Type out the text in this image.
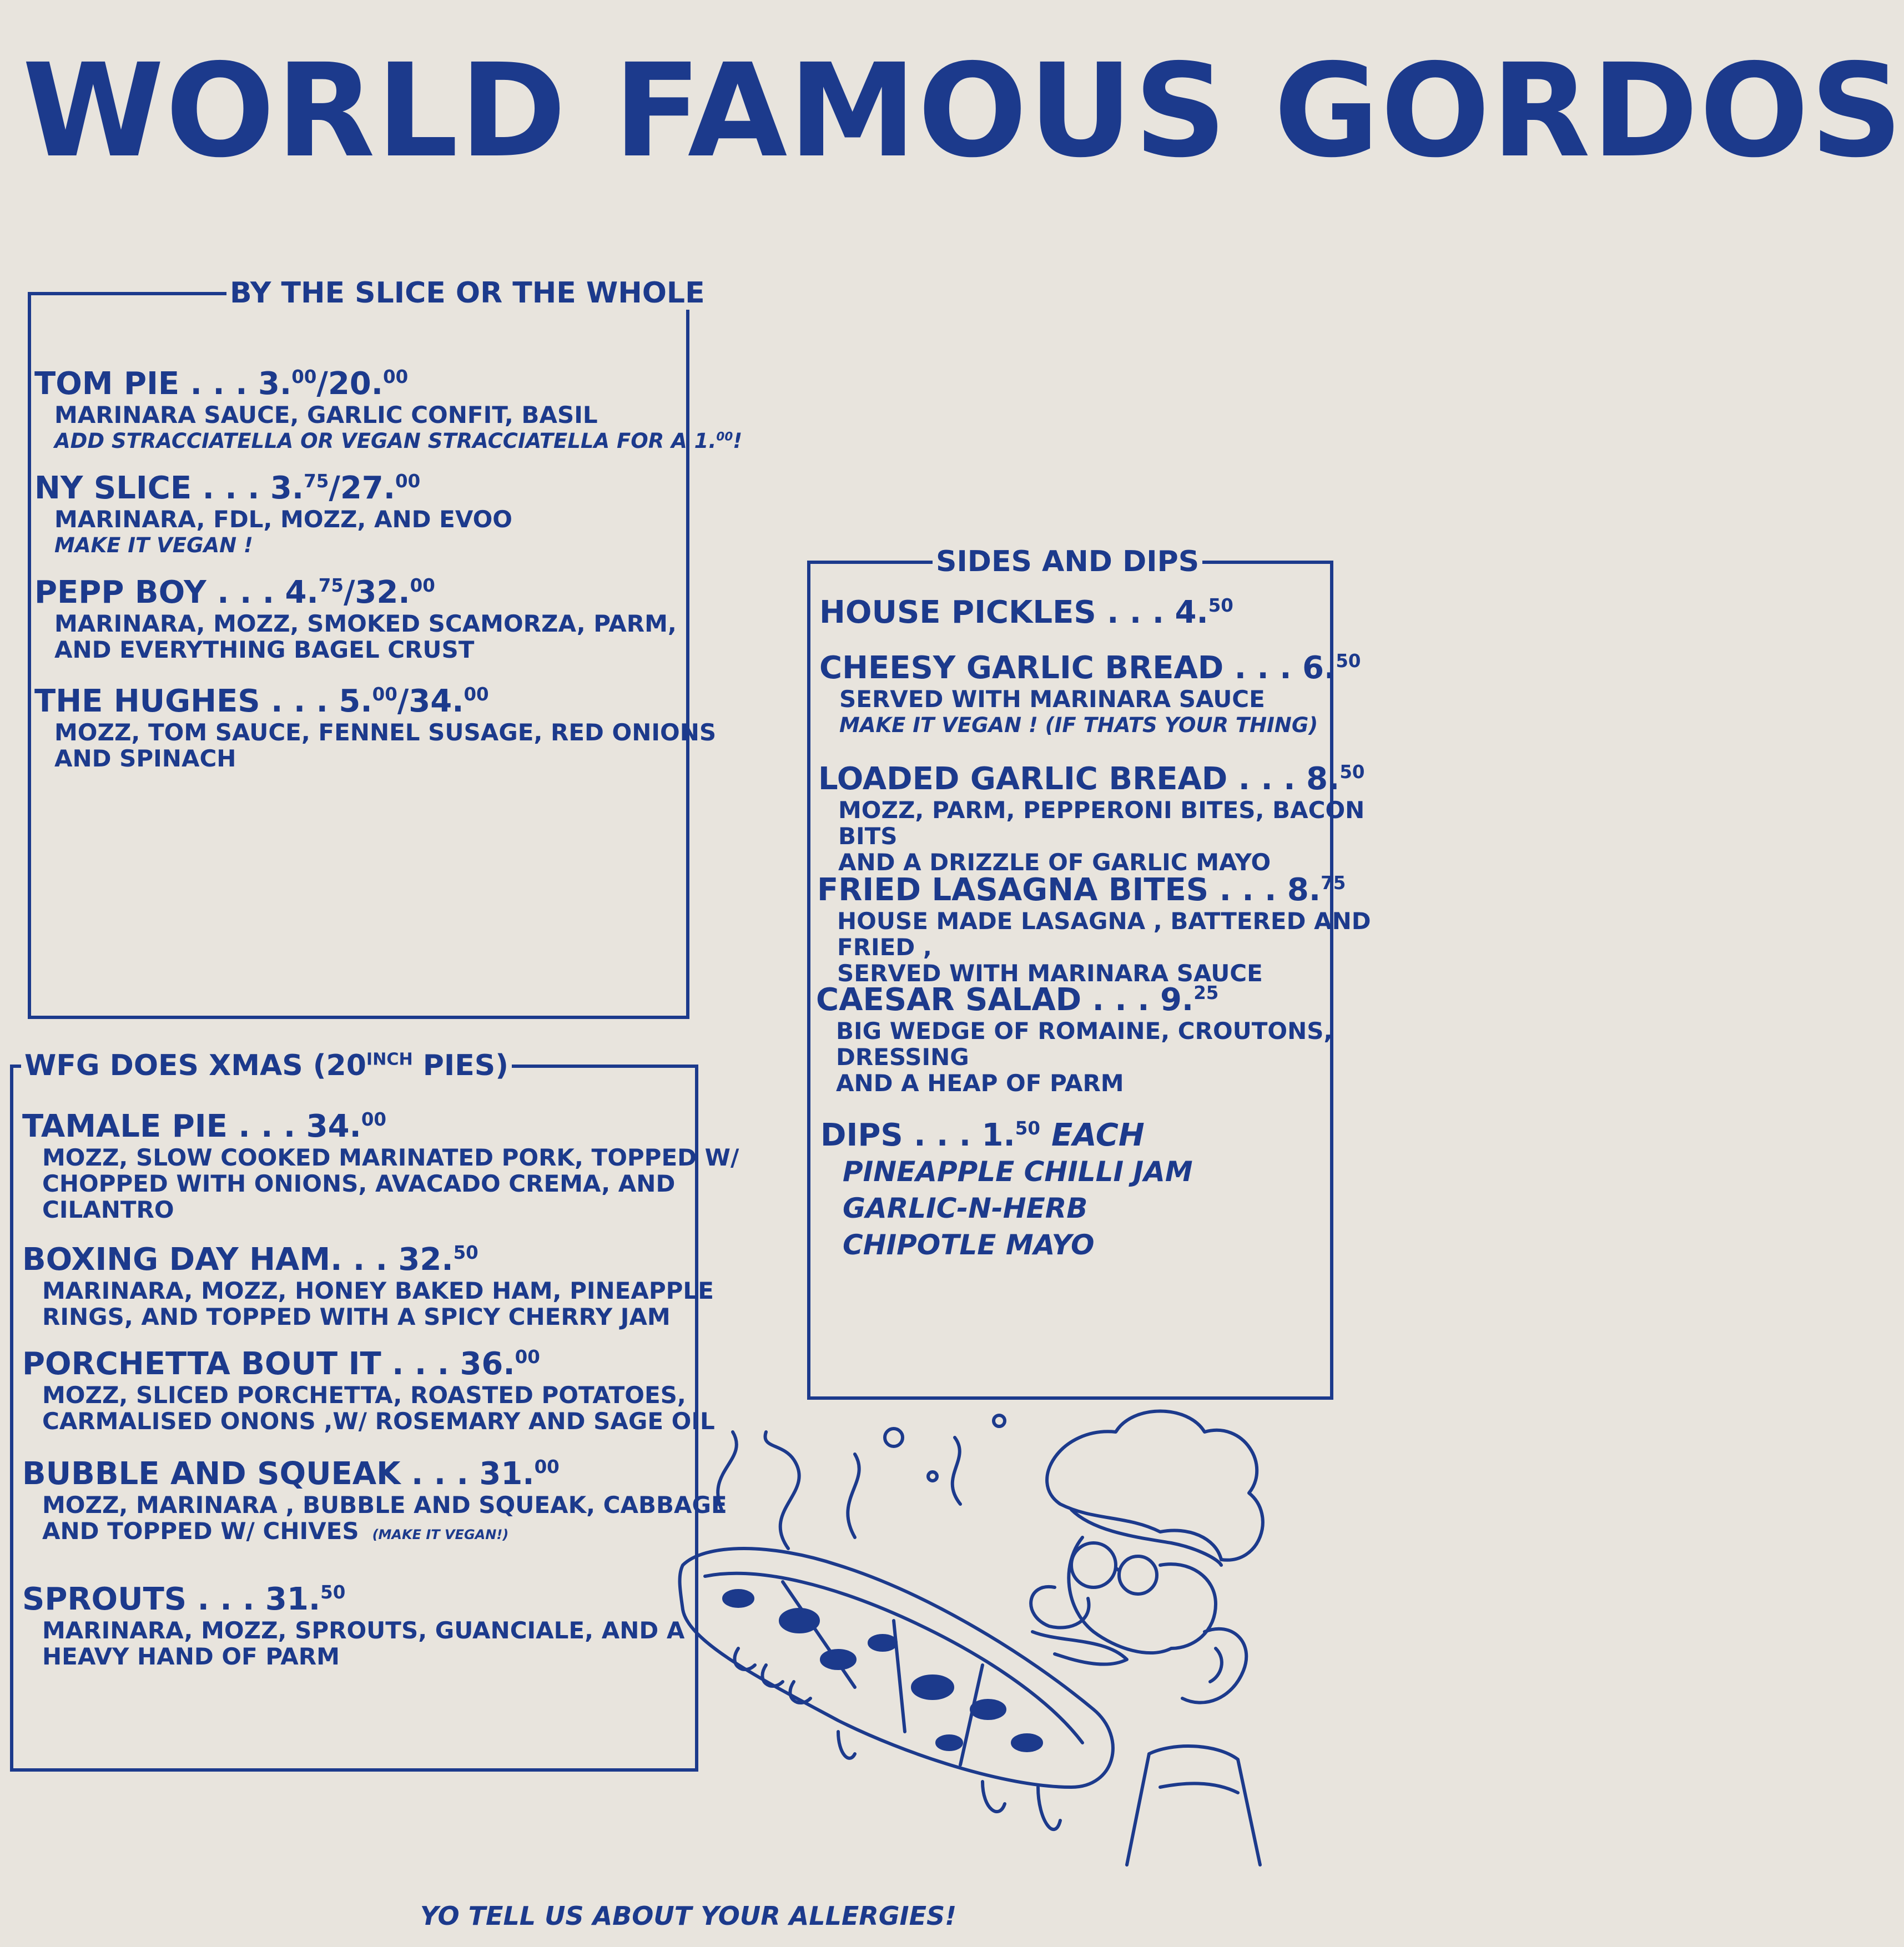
WORLD FAMOUS GORDOS
BY THE SLICE OR THE WHOLE
TOM PIE . . . 3.00/20.00
MARINARA SAUCE, GARLIC CONFIT, BASIL
ADD STRACCIATELLA OR VEGAN STRACCIATELLA FOR A 1.00!
NY SLICE . . . 3.75/27.00
MARINARA, FDL, MOZZ, AND EVOO
MAKE IT VEGAN !
PEPP BOY . . . 4.75/32.00
MARINARA, MOZZ, SMOKED SCAMORZA, PARM,
AND EVERYTHING BAGEL CRUST
THE HUGHES . . . 5.00/34.00
MOZZ, TOM SAUCE, FENNEL SUSAGE, RED ONIONS
AND SPINACH
WFG DOES XMAS ($20^{INCH}$ PIES)
TAMALE PIE . . . 34.00
MOZZ, SLOW COOKED MARINATED PORK, TOPPED W/
CHOPPED WITH ONIONS, AVACADO CREMA, AND
CILANTRO
BOXING DAY HAM. . . 32.50
MARINARA, MOZZ, HONEY BAKED HAM, PINEAPPLE
RINGS, AND TOPPED WITH A SPICY CHERRY JAM
PORCHETTA BOUT IT . . . 36.00
MOZZ, SLICED PORCHETTA, ROASTED POTATOES,
CARMALISED ONONS ,W/ ROSEMARY AND SAGE OIL
BUBBLE AND SQUEAK . . . 31.00
MOZZ, MARINARA , BUBBLE AND SQUEAK, CABBAGE
AND TOPPED W/ CHIVES (MAKE IT VEGAN!)
SPROUTS . . . 31.50
MARINARA, MOZZ, SPROUTS, GUANCIALE, AND A
HEAVY HAND OF PARM
SIDES AND DIPS
HOUSE PICKLES . . . 4.50
CHEESY GARLIC BREAD . . . 6.50
SERVED WITH MARINARA SAUCE
MAKE IT VEGAN ! (IF THATS YOUR THING)
LOADED GARLIC BREAD . . . 8.50
MOZZ, PARM, PEPPERONI BITES, BACON BITS
AND A DRIZZLE OF GARLIC MAYO
FRIED LASAGNA BITES . . . 8.75
HOUSE MADE LASAGNA , BATTERED AND FRIED ,
SERVED WITH MARINARA SAUCE
CAESAR SALAD . . . 9.25
BIG WEDGE OF ROMAINE, CROUTONS, DRESSING
AND A HEAP OF PARM
DIPS . . . 1.50 EACH
PINEAPPLE CHILLI JAM
GARLIC-N-HERB
CHIPOTLE MAYO
YO TELL US ABOUT YOUR ALLERGIES!
